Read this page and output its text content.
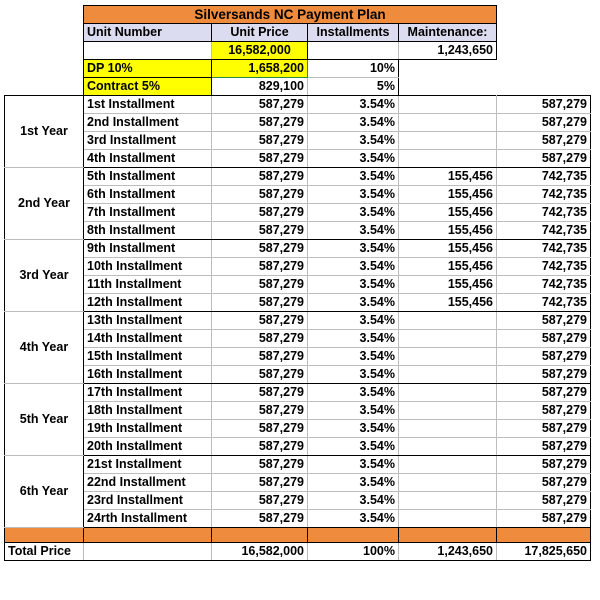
	Silversands NC Payment Plan				
	Unit Number	Unit Price	Installments	Maintenance:	
		16,582,000		1,243,650	
	DP 10%	1,658,200	10%		
	Contract 5%	829,100	5%		
1st Year	1st Installment	587,279	3.54%		587,279
	2nd Installment	587,279	3.54%		587,279
	3rd Installment	587,279	3.54%		587,279
	4th Installment	587,279	3.54%		587,279
2nd Year	5th Installment	587,279	3.54%	155,456	742,735
	6th Installment	587,279	3.54%	155,456	742,735
	7th Installment	587,279	3.54%	155,456	742,735
	8th Installment	587,279	3.54%	155,456	742,735
3rd Year	9th Installment	587,279	3.54%	155,456	742,735
	10th Installment	587,279	3.54%	155,456	742,735
	11th Installment	587,279	3.54%	155,456	742,735
	12th Installment	587,279	3.54%	155,456	742,735
4th Year	13th Installment	587,279	3.54%		587,279
	14th Installment	587,279	3.54%		587,279
	15th Installment	587,279	3.54%		587,279
	16th Installment	587,279	3.54%		587,279
5th Year	17th Installment	587,279	3.54%		587,279
	18th Installment	587,279	3.54%		587,279
	19th Installment	587,279	3.54%		587,279
	20th Installment	587,279	3.54%		587,279
6th Year	21st Installment	587,279	3.54%		587,279
	22nd Installment	587,279	3.54%		587,279
	23rd Installment	587,279	3.54%		587,279
	24rth Installment	587,279	3.54%		587,279

Total Price		16,582,000	100%	1,243,650	17,825,650
